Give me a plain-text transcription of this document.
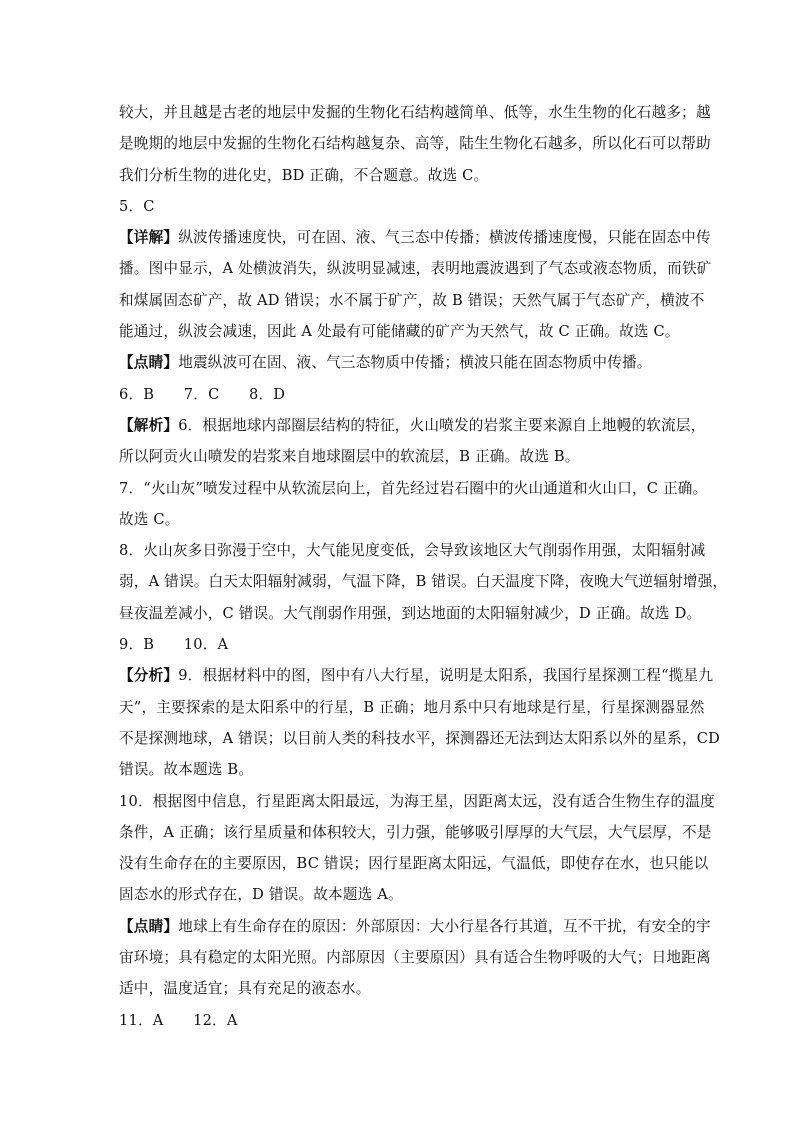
较大，并且越是古老的地层中发掘的生物化石结构越简单、低等，水生生物的化石越多；越
是晚期的地层中发掘的生物化石结构越复杂、高等，陆生生物化石越多，所以化石可以帮助
我们分析生物的进化史，BD 正确，不合题意。故选 C。
5．C
【详解】纵波传播速度快，可在固、液、气三态中传播；横波传播速度慢，只能在固态中传
播。图中显示，A 处横波消失，纵波明显减速，表明地震波遇到了气态或液态物质，而铁矿
和煤属固态矿产，故 AD 错误；水不属于矿产，故 B 错误；天然气属于气态矿产，横波不
能通过，纵波会减速，因此 A 处最有可能储藏的矿产为天然气，故 C 正确。故选 C。
【点睛】地震纵波可在固、液、气三态物质中传播；横波只能在固态物质中传播。
6．B　　7．C　　8．D
【解析】6．根据地球内部圈层结构的特征，火山喷发的岩浆主要来源自上地幔的软流层，
所以阿贡火山喷发的岩浆来自地球圈层中的软流层，B 正确。故选 B。
7．“火山灰”喷发过程中从软流层向上，首先经过岩石圈中的火山通道和火山口，C 正确。
故选 C。
8．火山灰多日弥漫于空中，大气能见度变低，会导致该地区大气削弱作用强，太阳辐射减
弱，A 错误。白天太阳辐射减弱，气温下降，B 错误。白天温度下降，夜晚大气逆辐射增强，
昼夜温差减小，C 错误。大气削弱作用强，到达地面的太阳辐射减少，D 正确。故选 D。
9．B　　10．A
【分析】9．根据材料中的图，图中有八大行星，说明是太阳系，我国行星探测工程“揽星九
天”，主要探索的是太阳系中的行星，B 正确；地月系中只有地球是行星，行星探测器显然
不是探测地球，A 错误；以目前人类的科技水平，探测器还无法到达太阳系以外的星系，CD
错误。故本题选 B。
10．根据图中信息，行星距离太阳最远，为海王星，因距离太远，没有适合生物生存的温度
条件，A 正确；该行星质量和体积较大，引力强，能够吸引厚厚的大气层，大气层厚，不是
没有生命存在的主要原因，BC 错误；因行星距离太阳远，气温低，即使存在水，也只能以
固态水的形式存在，D 错误。故本题选 A。
【点睛】地球上有生命存在的原因：外部原因：大小行星各行其道，互不干扰，有安全的宇
宙环境；具有稳定的太阳光照。内部原因（主要原因）具有适合生物呼吸的大气；日地距离
适中，温度适宜；具有充足的液态水。
11．A　　12．A
